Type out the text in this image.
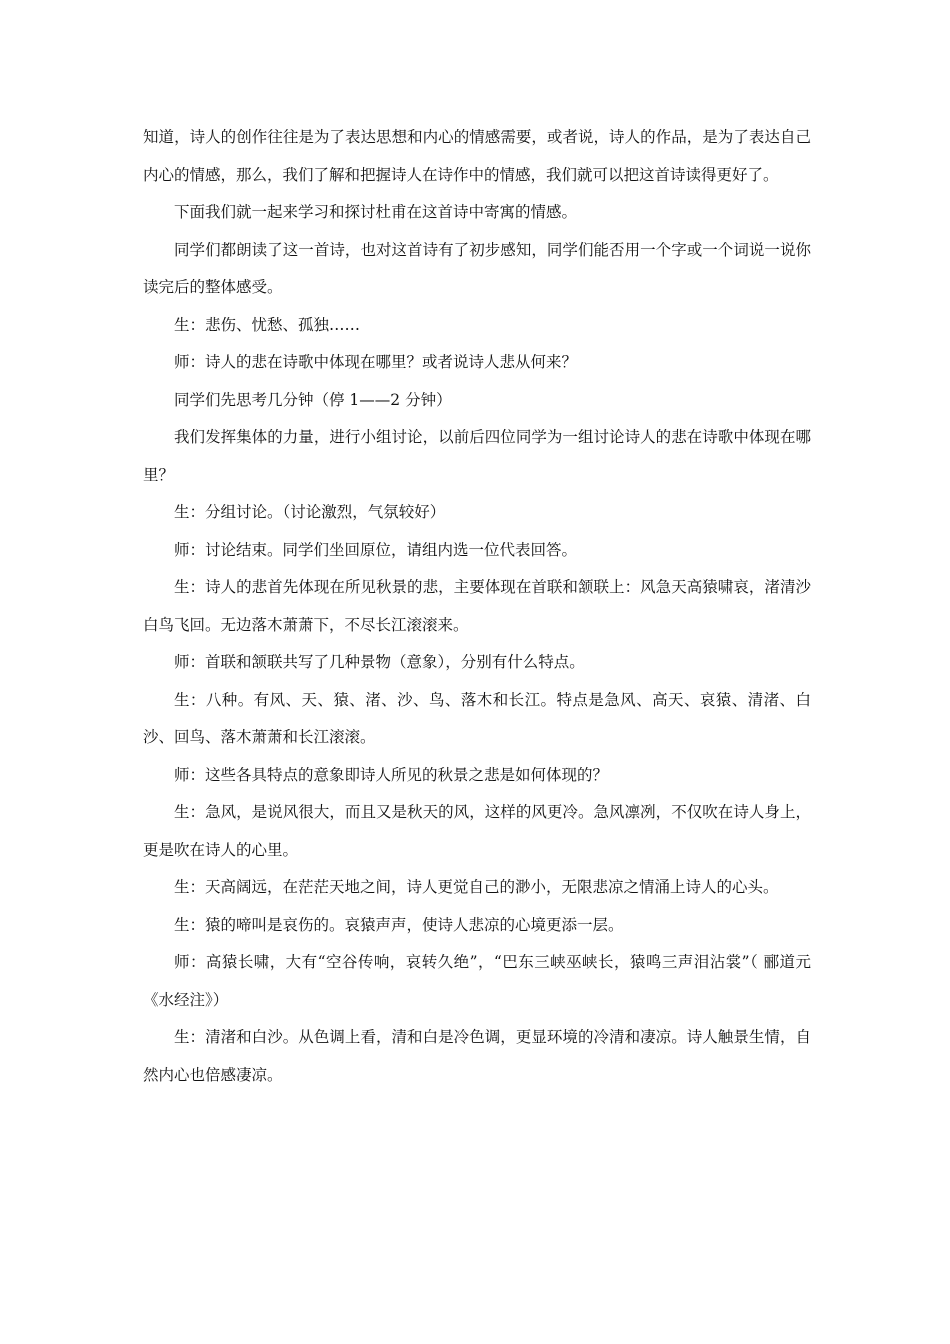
知道，诗人的创作往往是为了表达思想和内心的情感需要，或者说，诗人的作品，是为了表达自己内心的情感，那么，我们了解和把握诗人在诗作中的情感，我们就可以把这首诗读得更好了。

下面我们就一起来学习和探讨杜甫在这首诗中寄寓的情感。

同学们都朗读了这一首诗，也对这首诗有了初步感知，同学们能否用一个字或一个词说一说你读完后的整体感受。

生：悲伤、忧愁、孤独……

师：诗人的悲在诗歌中体现在哪里？或者说诗人悲从何来？

同学们先思考几分钟（停 1——2 分钟）

我们发挥集体的力量，进行小组讨论，以前后四位同学为一组讨论诗人的悲在诗歌中体现在哪里？

生：分组讨论。（讨论激烈，气氛较好）

师：讨论结束。同学们坐回原位，请组内选一位代表回答。

生：诗人的悲首先体现在所见秋景的悲，主要体现在首联和颔联上：风急天高猿啸哀，渚清沙白鸟飞回。无边落木萧萧下，不尽长江滚滚来。

师：首联和颔联共写了几种景物（意象），分别有什么特点。

生：八种。有风、天、猿、渚、沙、鸟、落木和长江。特点是急风、高天、哀猿、清渚、白沙、回鸟、落木萧萧和长江滚滚。

师：这些各具特点的意象即诗人所见的秋景之悲是如何体现的？

生：急风，是说风很大，而且又是秋天的风，这样的风更冷。急风凛冽，不仅吹在诗人身上，更是吹在诗人的心里。

生：天高阔远，在茫茫天地之间，诗人更觉自己的渺小，无限悲凉之情涌上诗人的心头。

生：猿的啼叫是哀伤的。哀猿声声，使诗人悲凉的心境更添一层。

师：高猿长啸，大有“空谷传响，哀转久绝”，“巴东三峡巫峡长，猿鸣三声泪沾裳”（ 郦道元《水经注》）

生：清渚和白沙。从色调上看，清和白是冷色调，更显环境的冷清和凄凉。诗人触景生情，自然内心也倍感凄凉。
